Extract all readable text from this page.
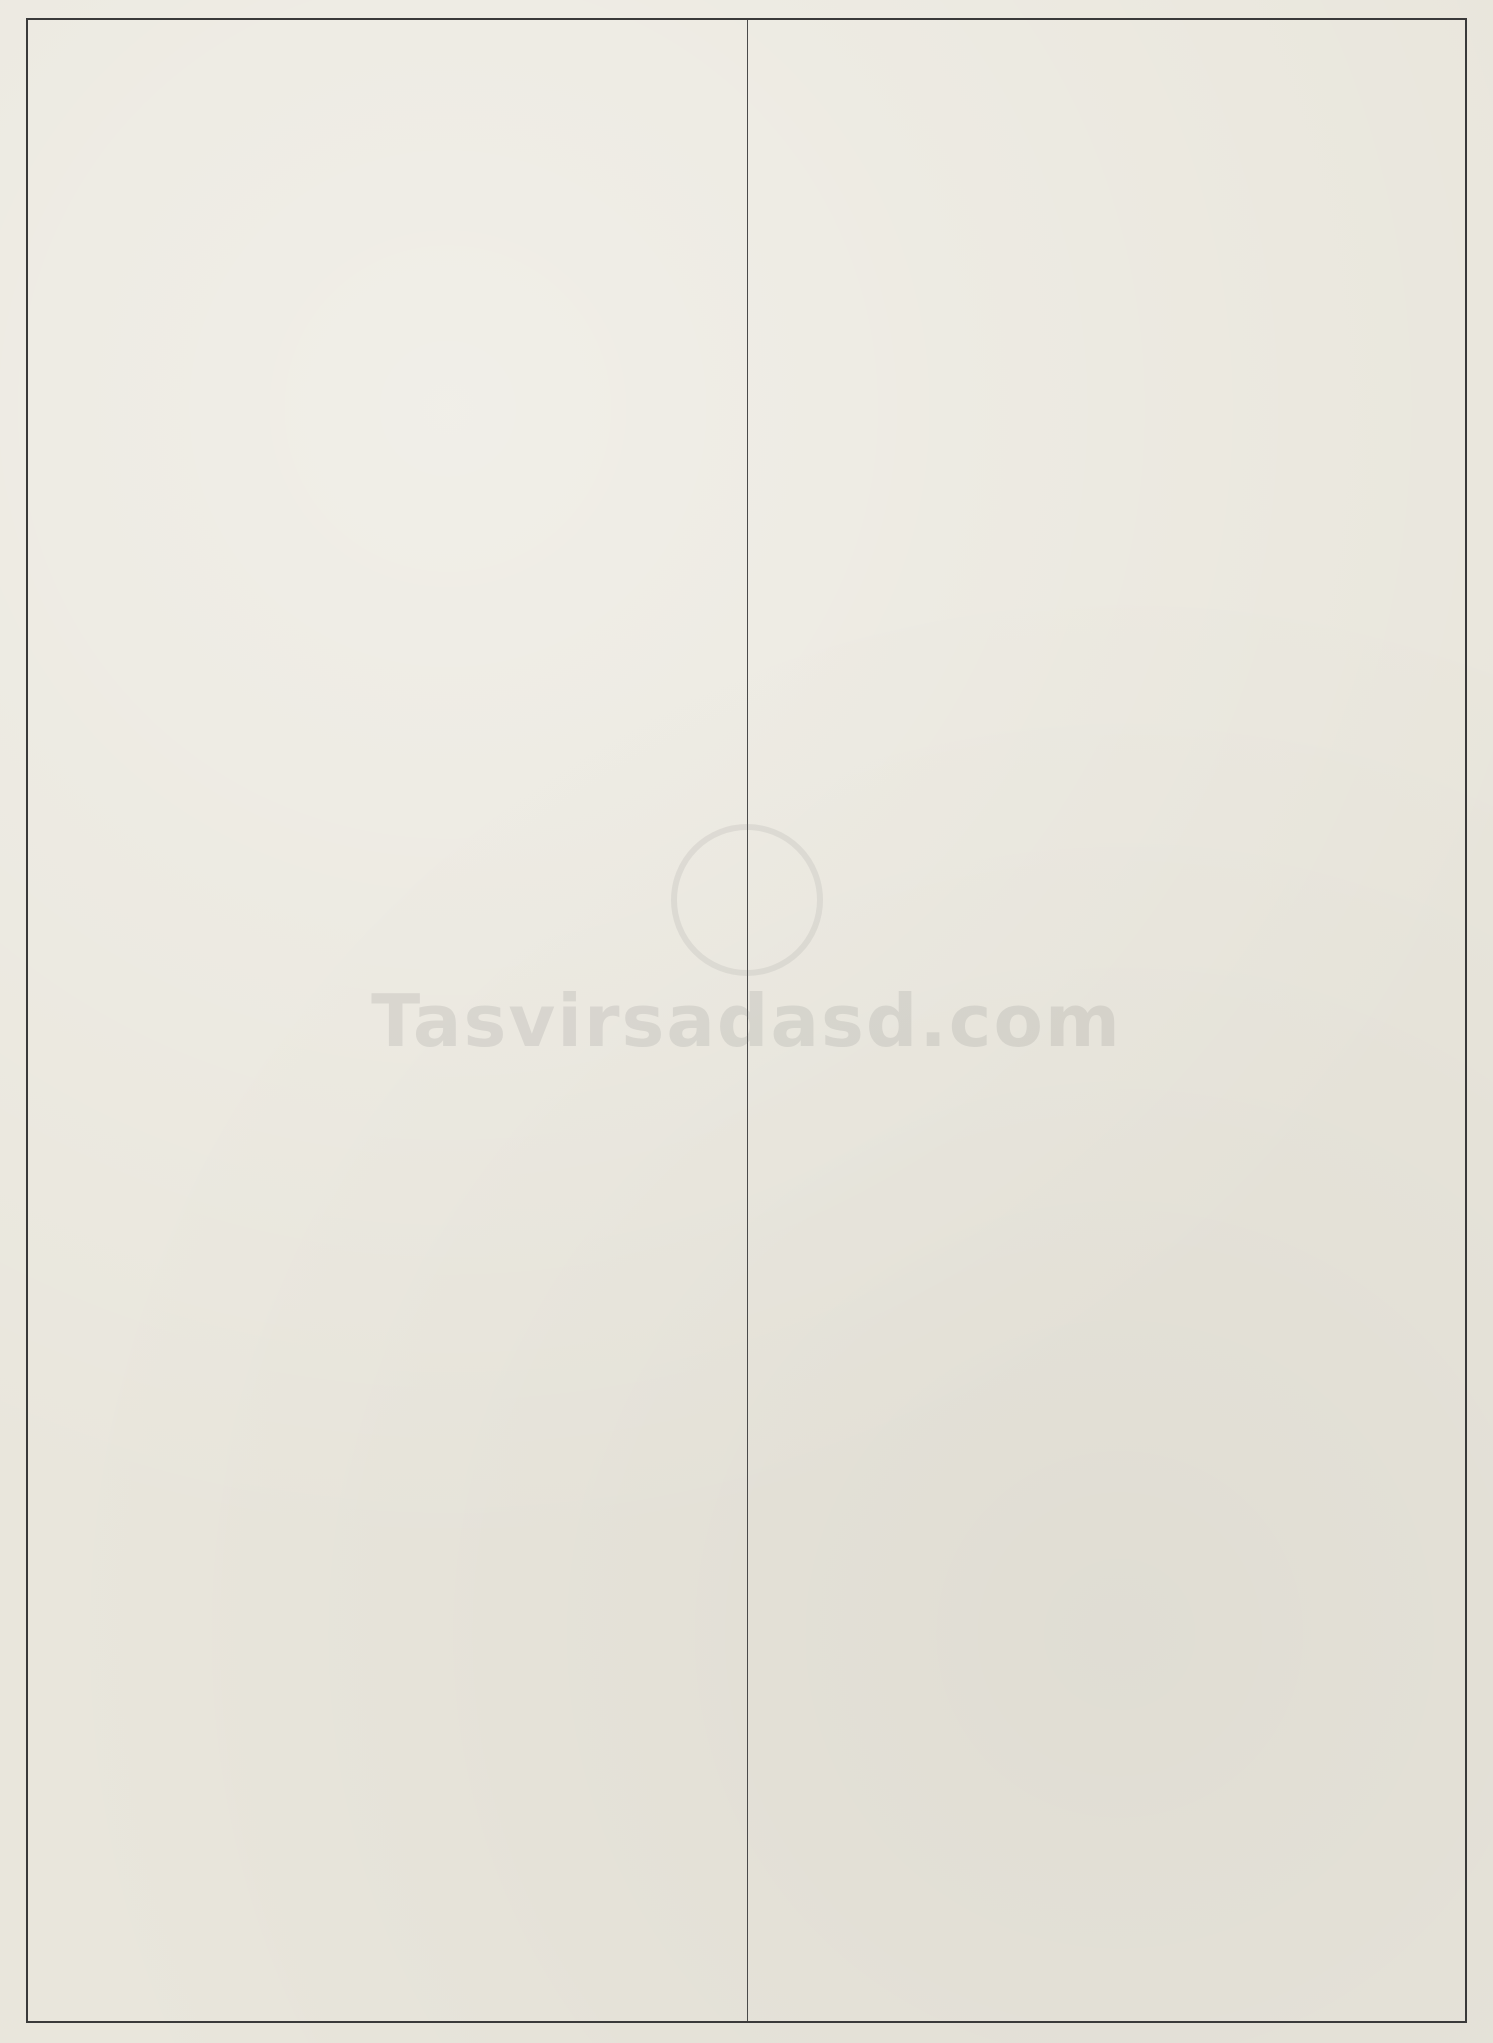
Tasvirsadasd.com
